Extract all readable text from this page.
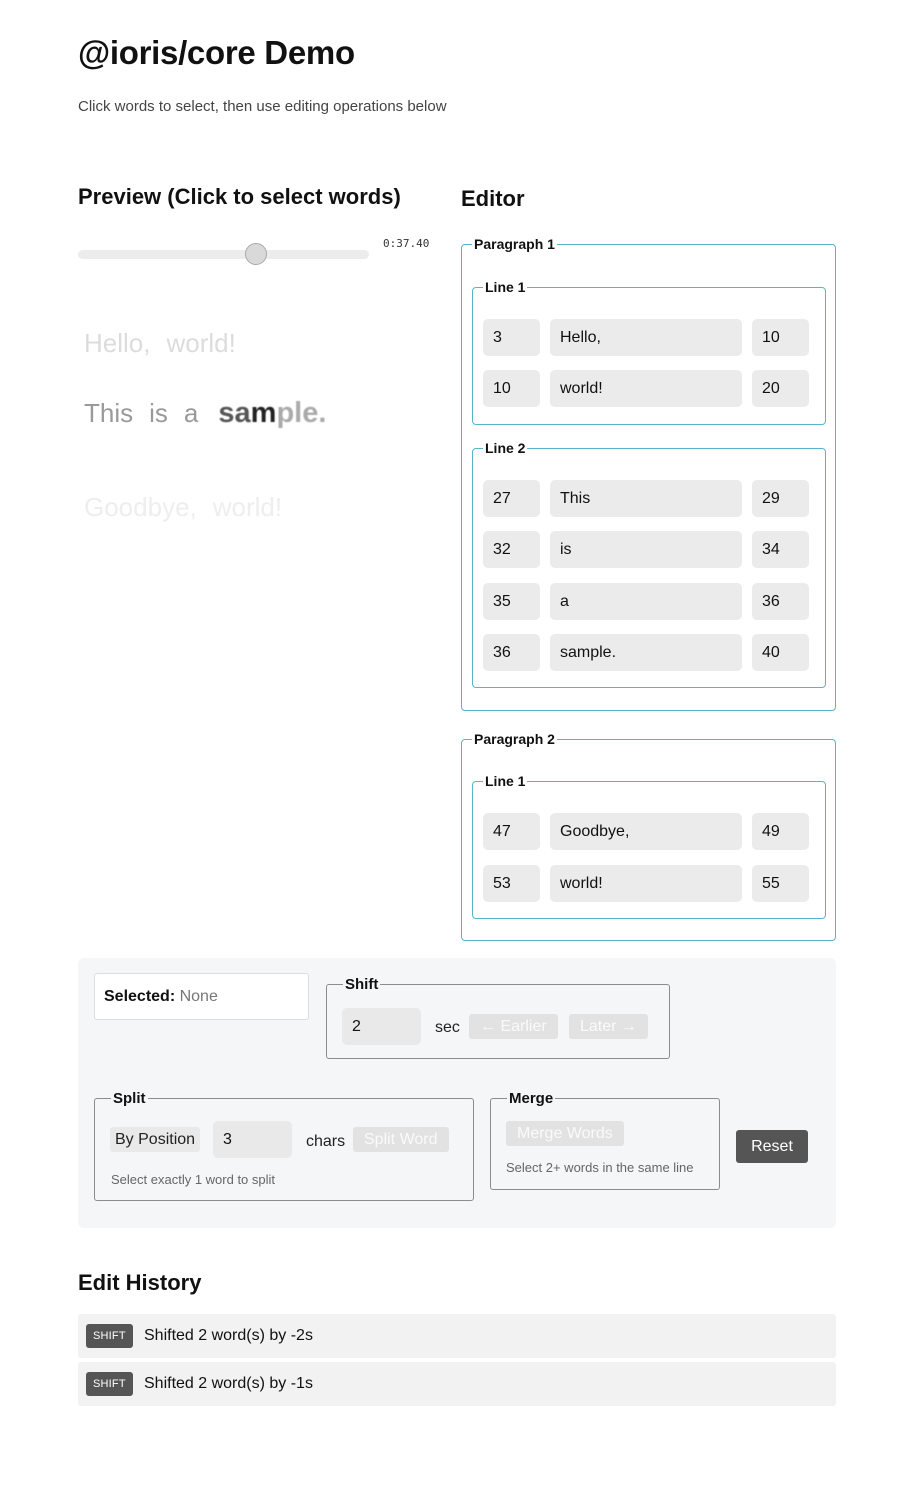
@ioris/core Demo
Click words to select, then use editing operations below
Preview (Click to select words)
0:37.40
Hello, world!
This is a sample.
Goodbye, world!
Editor
Paragraph 1
Line 1
3	Hello,	10
10	world!	20
Line 2
27	This	29
32	is	34
35	a	36
36	sample.	40
Paragraph 2
Line 1
47	Goodbye,	49
53	world!	55
Selected: None
Shift
2	sec	← Earlier	Later →
Split
By Position	3	chars	Split Word
Select exactly 1 word to split
Merge
Merge Words
Select 2+ words in the same line
Reset
Edit History
SHIFT	Shifted 2 word(s) by -2s
SHIFT	Shifted 2 word(s) by -1s
